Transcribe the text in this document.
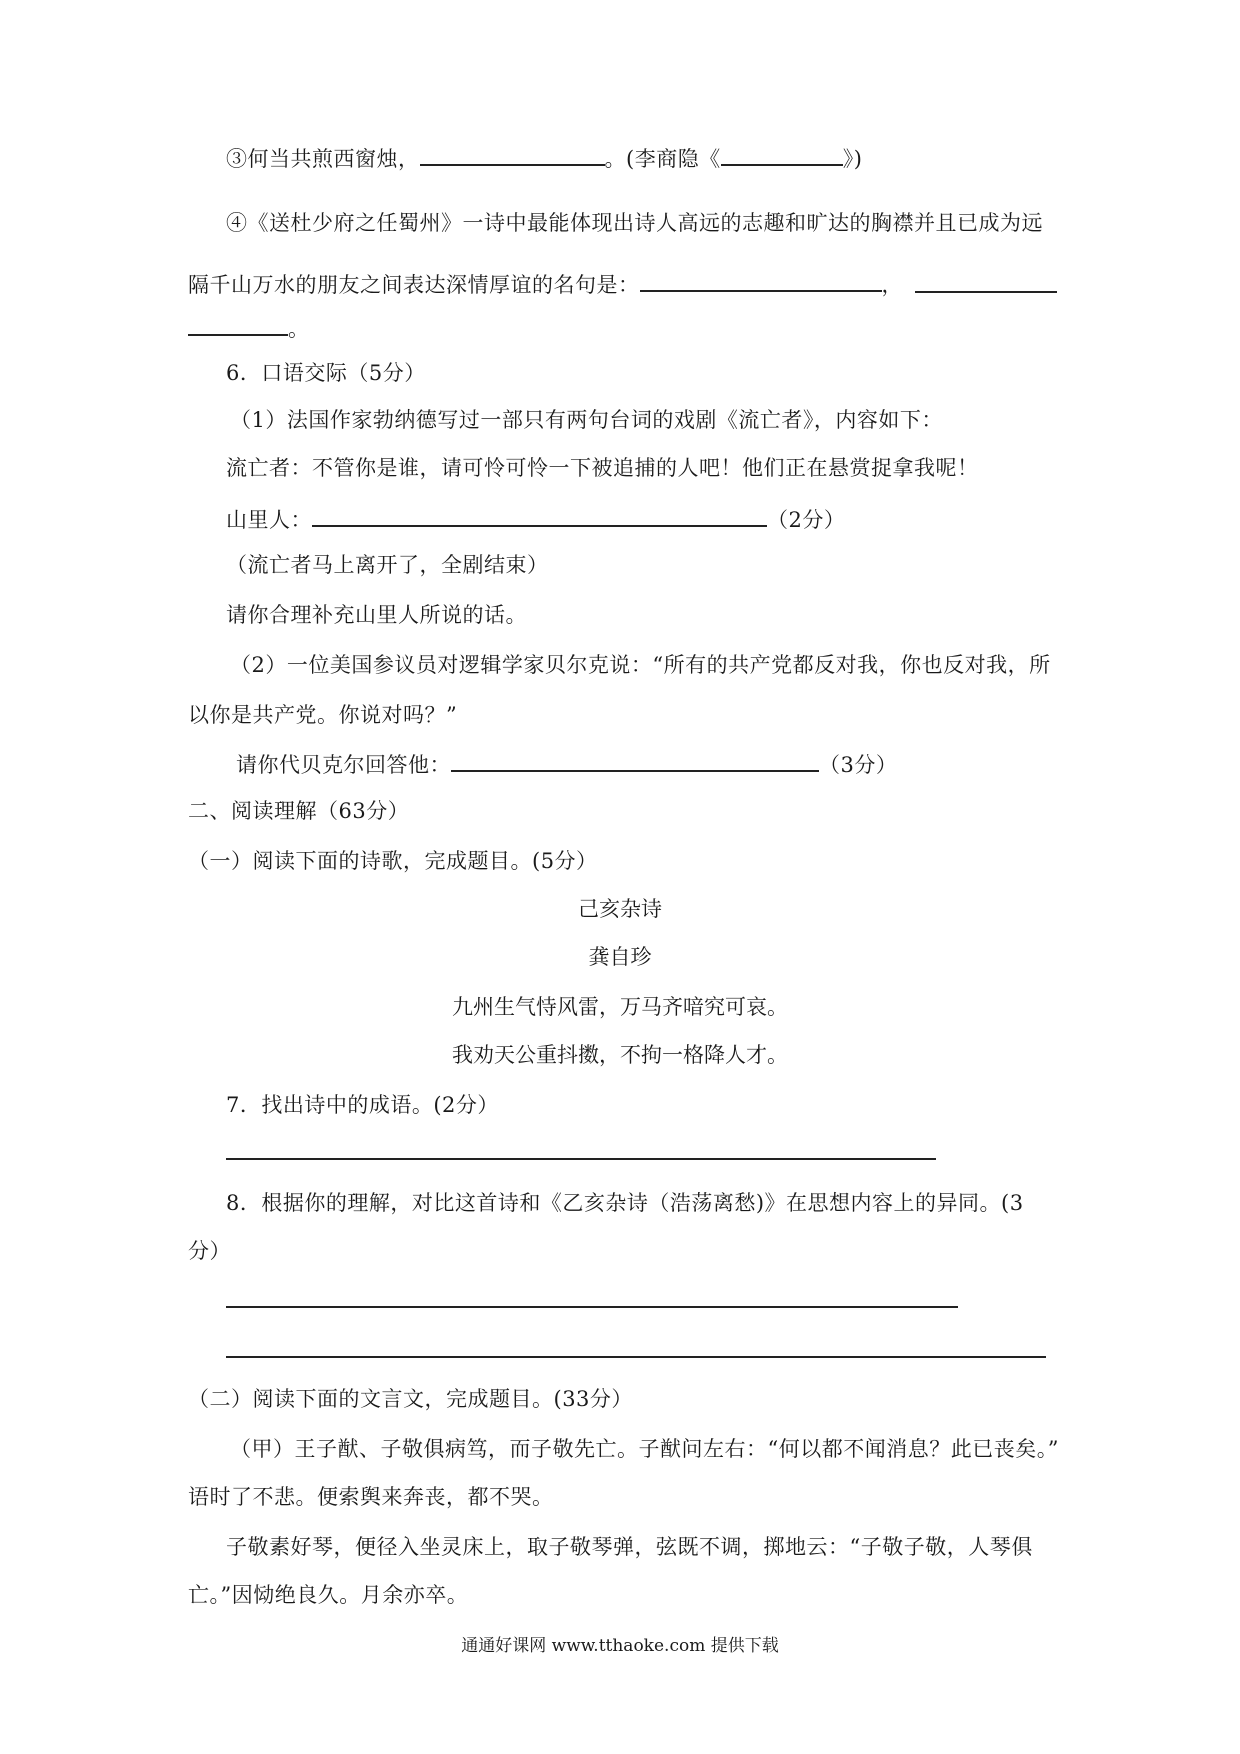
③何当共煎西窗烛，	。(李商隐《	》)
④《送杜少府之任蜀州》一诗中最能体现出诗人高远的志趣和旷达的胸襟并且已成为远
隔千山万水的朋友之间表达深情厚谊的名句是：	，
。
6．口语交际（5分）
（1）法国作家勃纳德写过一部只有两句台词的戏剧《流亡者》，内容如下：
流亡者：不管你是谁，请可怜可怜一下被追捕的人吧！他们正在悬赏捉拿我呢！
山里人：	（2分）
（流亡者马上离开了，全剧结束）
请你合理补充山里人所说的话。
（2）一位美国参议员对逻辑学家贝尔克说：“所有的共产党都反对我，你也反对我，所
以你是共产党。你说对吗？”
请你代贝克尔回答他：	（3分）
二、阅读理解（63分）
（一）阅读下面的诗歌，完成题目。(5分）
己亥杂诗
龚自珍
九州生气恃风雷，万马齐喑究可哀。
我劝天公重抖擞，不拘一格降人才。
7．找出诗中的成语。(2分）
8．根据你的理解，对比这首诗和《乙亥杂诗（浩荡离愁)》在思想内容上的异同。(3
分）
（二）阅读下面的文言文，完成题目。(33分）
（甲）王子猷、子敬俱病笃，而子敬先亡。子猷问左右：“何以都不闻消息？此已丧矣。”
语时了不悲。便索舆来奔丧，都不哭。
子敬素好琴，便径入坐灵床上，取子敬琴弹，弦既不调，掷地云：“子敬子敬，人琴俱
亡。”因恸绝良久。月余亦卒。
通通好课网 www.tthaoke.com 提供下载
